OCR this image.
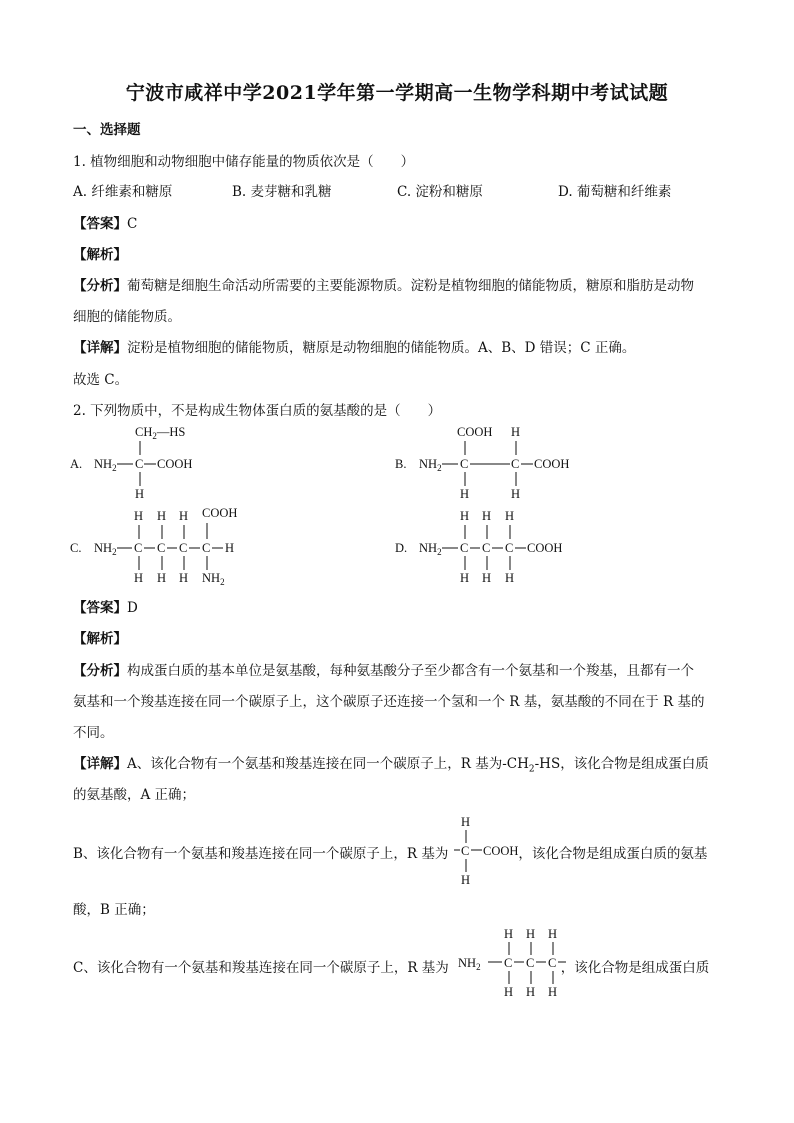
宁波市咸祥中学2021学年第一学期高一生物学科期中考试试题
一、选择题
1. 植物细胞和动物细胞中储存能量的物质依次是（　　）
A. 纤维素和糖原	B. 麦芽糖和乳糖	C. 淀粉和糖原	D. 葡萄糖和纤维素
【答案】C
【解析】
【分析】葡萄糖是细胞生命活动所需要的主要能源物质。淀粉是植物细胞的储能物质，糖原和脂肪是动物
细胞的储能物质。
【详解】淀粉是植物细胞的储能物质，糖原是动物细胞的储能物质。A、B、D 错误；C 正确。
故选 C。
2. 下列物质中，不是构成生物体蛋白质的氨基酸的是（　　）
A.
$CH_2—HS$
$NH_2$ C COOH
H
B.
COOH H
$NH_2$ C	C COOH
H	H
C.
H H H COOH
$NH_2$ C C C C H
H H H $NH_2$
D.
H H H
$NH_2$ C C C COOH
H H H
【答案】D
【解析】
【分析】构成蛋白质的基本单位是氨基酸，每种氨基酸分子至少都含有一个氨基和一个羧基，且都有一个
氨基和一个羧基连接在同一个碳原子上，这个碳原子还连接一个氢和一个 R 基，氨基酸的不同在于 R 基的
不同。
【详解】A、该化合物有一个氨基和羧基连接在同一个碳原子上，R 基为$-CH_2-HS$，该化合物是组成蛋白质
的氨基酸，A 正确；
B、该化合物有一个氨基和羧基连接在同一个碳原子上，R 基为	，该化合物是组成蛋白质的氨基
H
C COOH
H
酸，B 正确；
C、该化合物有一个氨基和羧基连接在同一个碳原子上，R 基为	，该化合物是组成蛋白质
H H H
$NH_2$ C C C
H H H
